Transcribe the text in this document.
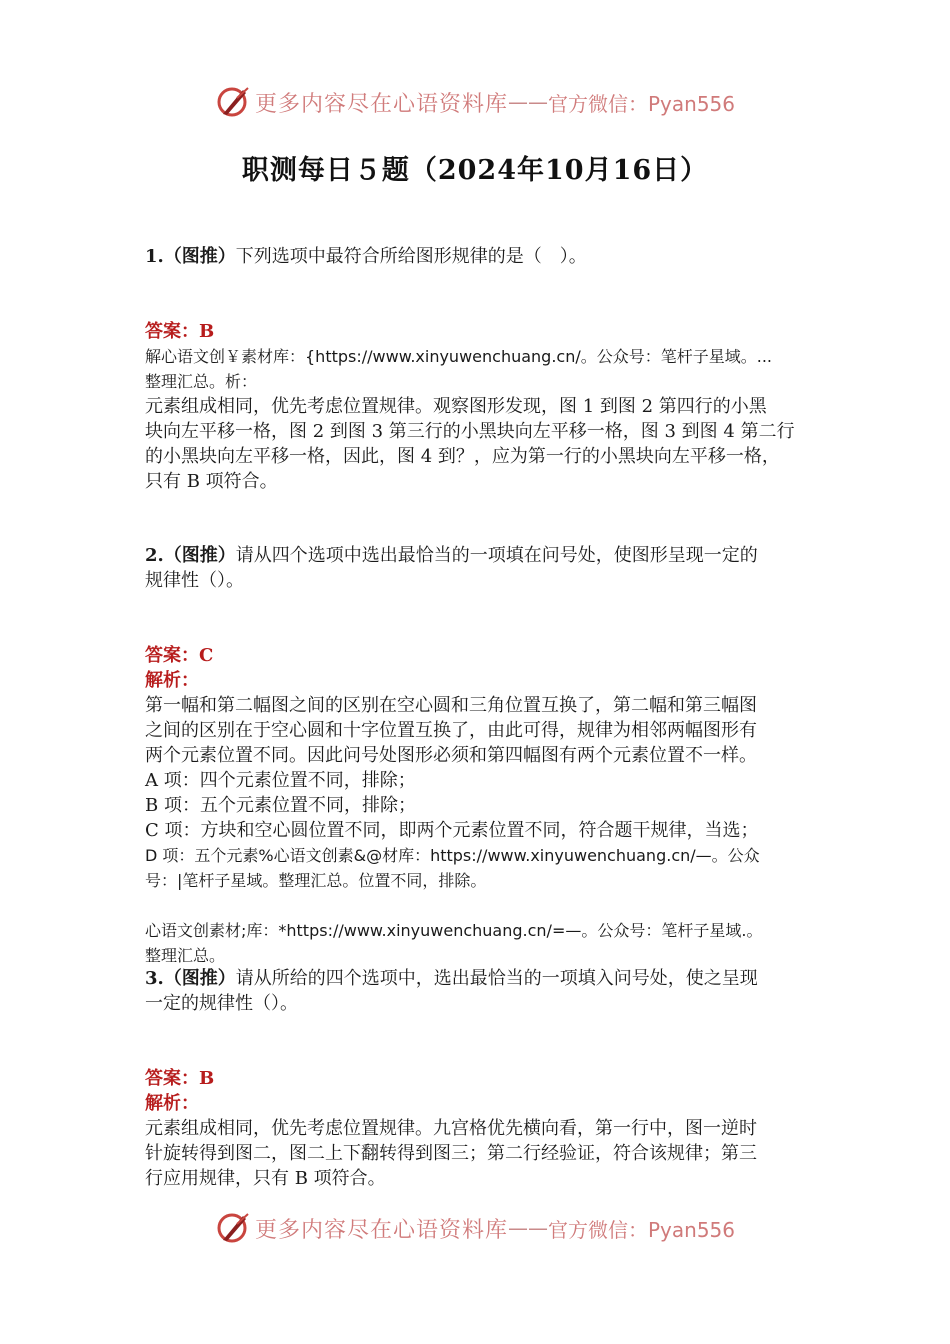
更多内容尽在心语资料库 —— 官方微信：Pyan556
职测每日５题（2024年10月16日）
1.（图推）下列选项中最符合所给图形规律的是（　）。
答案：B
解心语文创￥素材库：{https://www.xinyuwenchuang.cn/。公众号：笔杆子星域。...
整理汇总。析：
元素组成相同，优先考虑位置规律。观察图形发现，图 1 到图 2 第四行的小黑
块向左平移一格，图 2 到图 3 第三行的小黑块向左平移一格，图 3 到图 4 第二行
的小黑块向左平移一格，因此，图 4 到？，应为第一行的小黑块向左平移一格，
只有 B 项符合。
2.（图推）请从四个选项中选出最恰当的一项填在问号处，使图形呈现一定的
规律性（）。
答案：C
解析：
第一幅和第二幅图之间的区别在空心圆和三角位置互换了，第二幅和第三幅图
之间的区别在于空心圆和十字位置互换了，由此可得，规律为相邻两幅图形有
两个元素位置不同。因此问号处图形必须和第四幅图有两个元素位置不一样。
A 项：四个元素位置不同，排除；
B 项：五个元素位置不同，排除；
C 项：方块和空心圆位置不同，即两个元素位置不同，符合题干规律，当选；
D 项：五个元素%心语文创素&@材库：https://www.xinyuwenchuang.cn/—。公众
号：|笔杆子星域。整理汇总。位置不同，排除。
心语文创素材;库：*https://www.xinyuwenchuang.cn/=—。公众号：笔杆子星域.。
整理汇总。
3.（图推）请从所给的四个选项中，选出最恰当的一项填入问号处，使之呈现
一定的规律性（）。
答案：B
解析：
元素组成相同，优先考虑位置规律。九宫格优先横向看，第一行中，图一逆时
针旋转得到图二，图二上下翻转得到图三；第二行经验证，符合该规律；第三
行应用规律，只有 B 项符合。
更多内容尽在心语资料库 —— 官方微信：Pyan556
